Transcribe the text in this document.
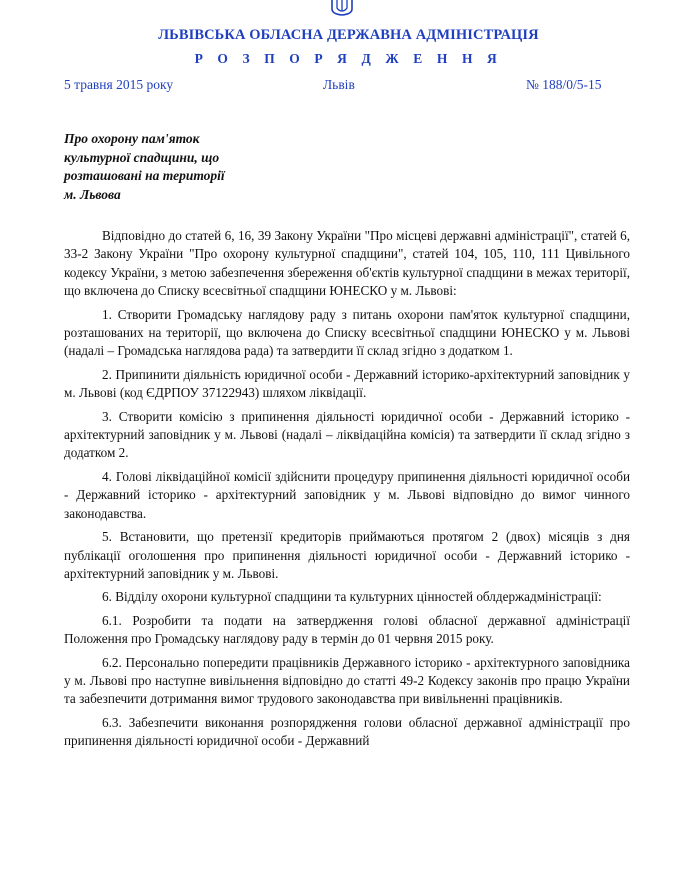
ЛЬВІВСЬКА ОБЛАСНА ДЕРЖАВНА АДМІНІСТРАЦІЯ
Р О З П О Р Я Д Ж Е Н Н Я
5 травня 2015 року	Львів	№ 188/0/5-15
Про охорону пам'яток
культурної спадщини, що
розташовані на території
м. Львова

Відповідно до статей 6, 16, 39 Закону України "Про місцеві державні адміністрації", статей 6, 33-2 Закону України "Про охорону культурної спадщини", статей 104, 105, 110, 111 Цивільного кодексу України, з метою забезпечення збереження об'єктів культурної спадщини в межах території, що включена до Списку всесвітньої спадщини ЮНЕСКО у м. Львові:

1. Створити Громадську наглядову раду з питань охорони пам'яток культурної спадщини, розташованих на території, що включена до Списку всесвітньої спадщини ЮНЕСКО у м. Львові (надалі – Громадська наглядова рада) та затвердити її склад згідно з додатком 1.

2. Припинити діяльність юридичної особи - Державний історико-архітектурний заповідник у м. Львові (код ЄДРПОУ 37122943) шляхом ліквідації.

3. Створити комісію з припинення діяльності юридичної особи - Державний історико - архітектурний заповідник у м. Львові (надалі – ліквідаційна комісія) та затвердити її склад згідно з додатком 2.

4. Голові ліквідаційної комісії здійснити процедуру припинення діяльності юридичної особи - Державний історико - архітектурний заповідник у м. Львові відповідно до вимог чинного законодавства.

5. Встановити, що претензії кредиторів приймаються протягом 2 (двох) місяців з дня публікації оголошення про припинення діяльності юридичної особи - Державний історико - архітектурний заповідник у м. Львові.

6. Відділу охорони культурної спадщини та культурних цінностей облдержадміністрації:

6.1. Розробити та подати на затвердження голові обласної державної адміністрації Положення про Громадську наглядову раду в термін до 01 червня 2015 року.

6.2. Персонально попередити працівників Державного історико - архітектурного заповідника у м. Львові про наступне вивільнення відповідно до статті 49-2 Кодексу законів про працю України та забезпечити дотримання вимог трудового законодавства при вивільненні працівників.

6.3. Забезпечити виконання розпорядження голови обласної державної адміністрації про припинення діяльності юридичної особи - Державний
